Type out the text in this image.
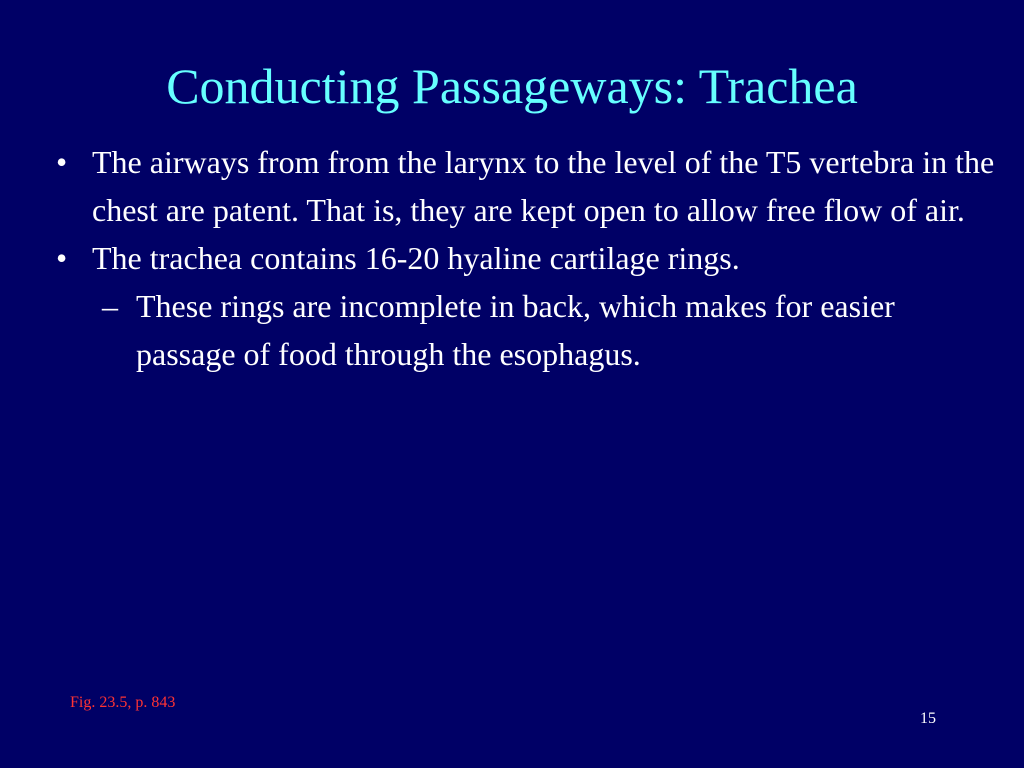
Conducting Passageways: Trachea
• The airways from from the larynx to the level of the T5 vertebra in the chest are patent. That is, they are kept open to allow free flow of air.
• The trachea contains 16-20 hyaline cartilage rings.
– These rings are incomplete in back, which makes for easier passage of food through the esophagus.
Fig. 23.5, p. 843
15
